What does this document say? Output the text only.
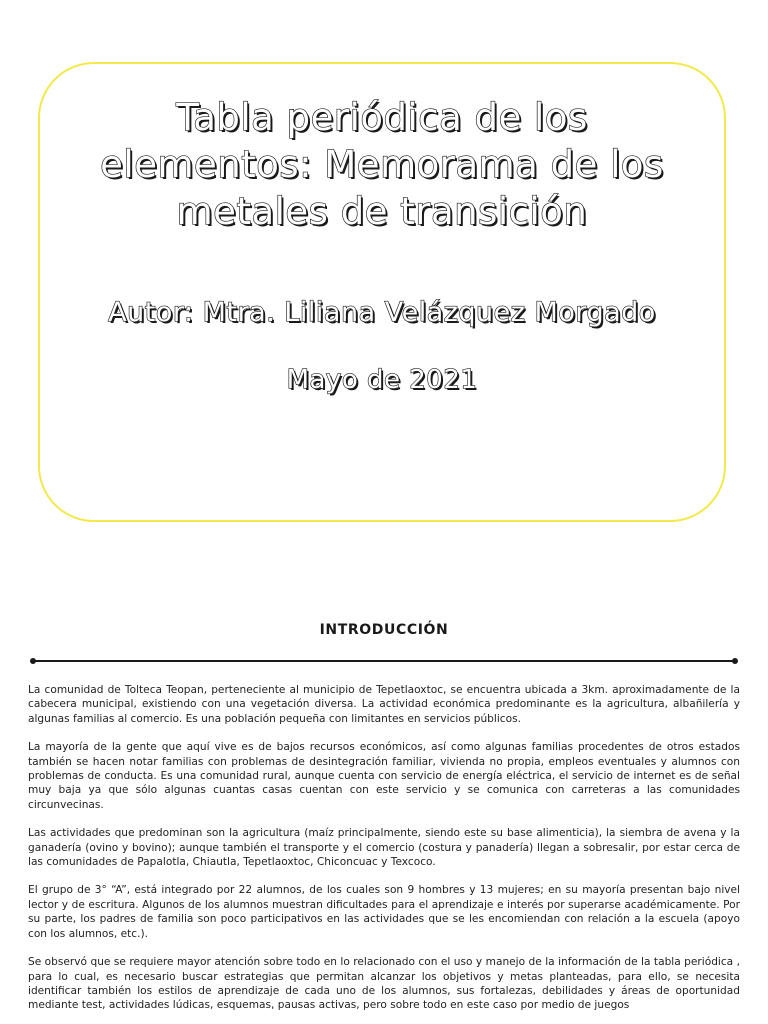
Tabla periódica de los elementos: Memorama de los metales de transición
Autor: Mtra. Liliana Velázquez Morgado
Mayo de 2021
INTRODUCCIÓN

La comunidad de Tolteca Teopan, perteneciente al municipio de Tepetlaoxtoc, se encuentra ubicada a 3km. aproximadamente de la cabecera municipal, existiendo con una vegetación diversa. La actividad económica predominante es la agricultura, albañilería y algunas familias al comercio. Es una población pequeña con limitantes en servicios públicos.

La mayoría de la gente que aquí vive es de bajos recursos económicos, así como algunas familias procedentes de otros estados también se hacen notar familias con problemas de desintegración familiar, vivienda no propia, empleos eventuales y alumnos con problemas de conducta. Es una comunidad rural, aunque cuenta con servicio de energía eléctrica, el servicio de internet es de señal muy baja ya que sólo algunas cuantas casas cuentan con este servicio y se comunica con carreteras a las comunidades circunvecinas.

Las actividades que predominan son la agricultura (maíz principalmente, siendo este su base alimenticia), la siembra de avena y la ganadería (ovino y bovino); aunque también el transporte y el comercio (costura y panadería) llegan a sobresalir, por estar cerca de las comunidades de Papalotla, Chiautla, Tepetlaoxtoc, Chiconcuac y Texcoco.

El grupo de 3° “A”, está integrado por 22 alumnos, de los cuales son 9 hombres y 13 mujeres; en su mayoría presentan bajo nivel lector y de escritura. Algunos de los alumnos muestran dificultades para el aprendizaje e interés por superarse académicamente. Por su parte, los padres de familia son poco participativos en las actividades que se les encomiendan con relación a la escuela (apoyo con los alumnos, etc.).

Se observó que se requiere mayor atención sobre todo en lo relacionado con el uso y manejo de la información de la tabla periódica , para lo cual, es necesario buscar estrategias que permitan alcanzar los objetivos y metas planteadas, para ello, se necesita identificar también los estilos de aprendizaje de cada uno de los alumnos, sus fortalezas, debilidades y áreas de oportunidad mediante test, actividades lúdicas, esquemas, pausas activas, pero sobre todo en este caso por medio de juegos
